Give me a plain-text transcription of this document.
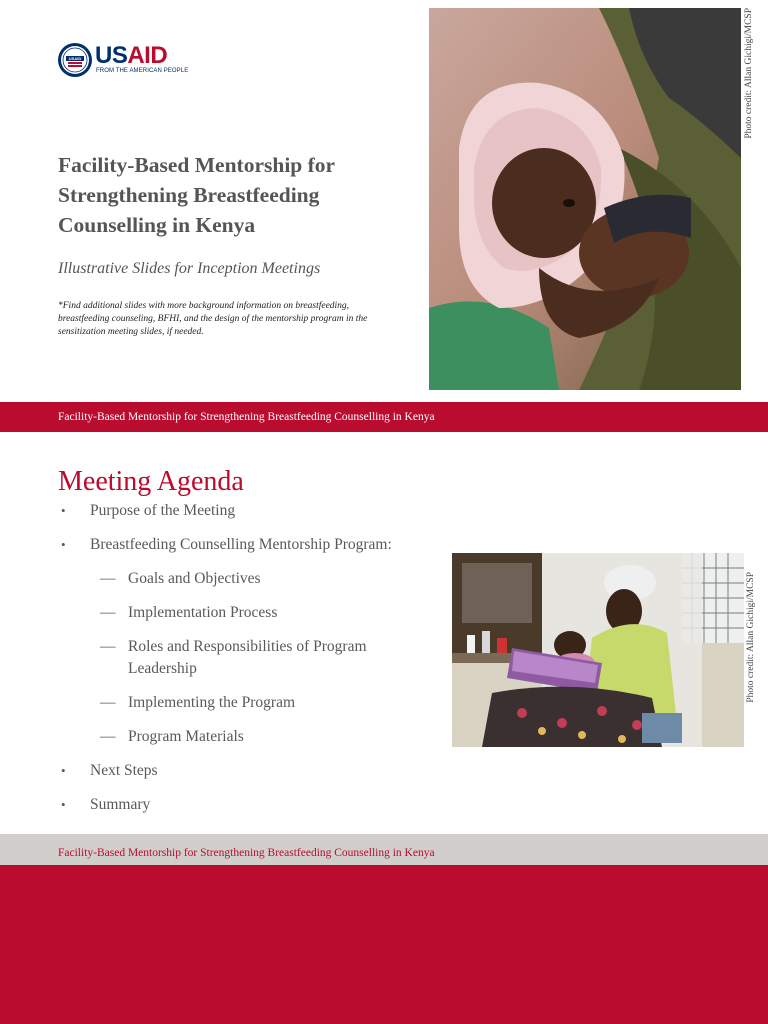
USAID USAID
FROM THE AMERICAN PEOPLE
Facility-Based Mentorship for Strengthening Breastfeeding Counselling in Kenya
Illustrative Slides for Inception Meetings
*Find additional slides with more background information on breastfeeding, breastfeeding counseling, BFHI, and the design of the mentorship program in the sensitization meeting slides, if needed.
Photo credit: Allan Gichigi/MCSP
Facility-Based Mentorship for Strengthening Breastfeeding Counselling in Kenya
Meeting Agenda
• Purpose of the Meeting
• Breastfeeding Counselling Mentorship Program:
— Goals and Objectives
— Implementation Process
— Roles and Responsibilities of Program Leadership
— Implementing the Program
— Program Materials
• Next Steps
• Summary
Photo credit: Allan Gichigi/MCSP
Facility-Based Mentorship for Strengthening Breastfeeding Counselling in Kenya
